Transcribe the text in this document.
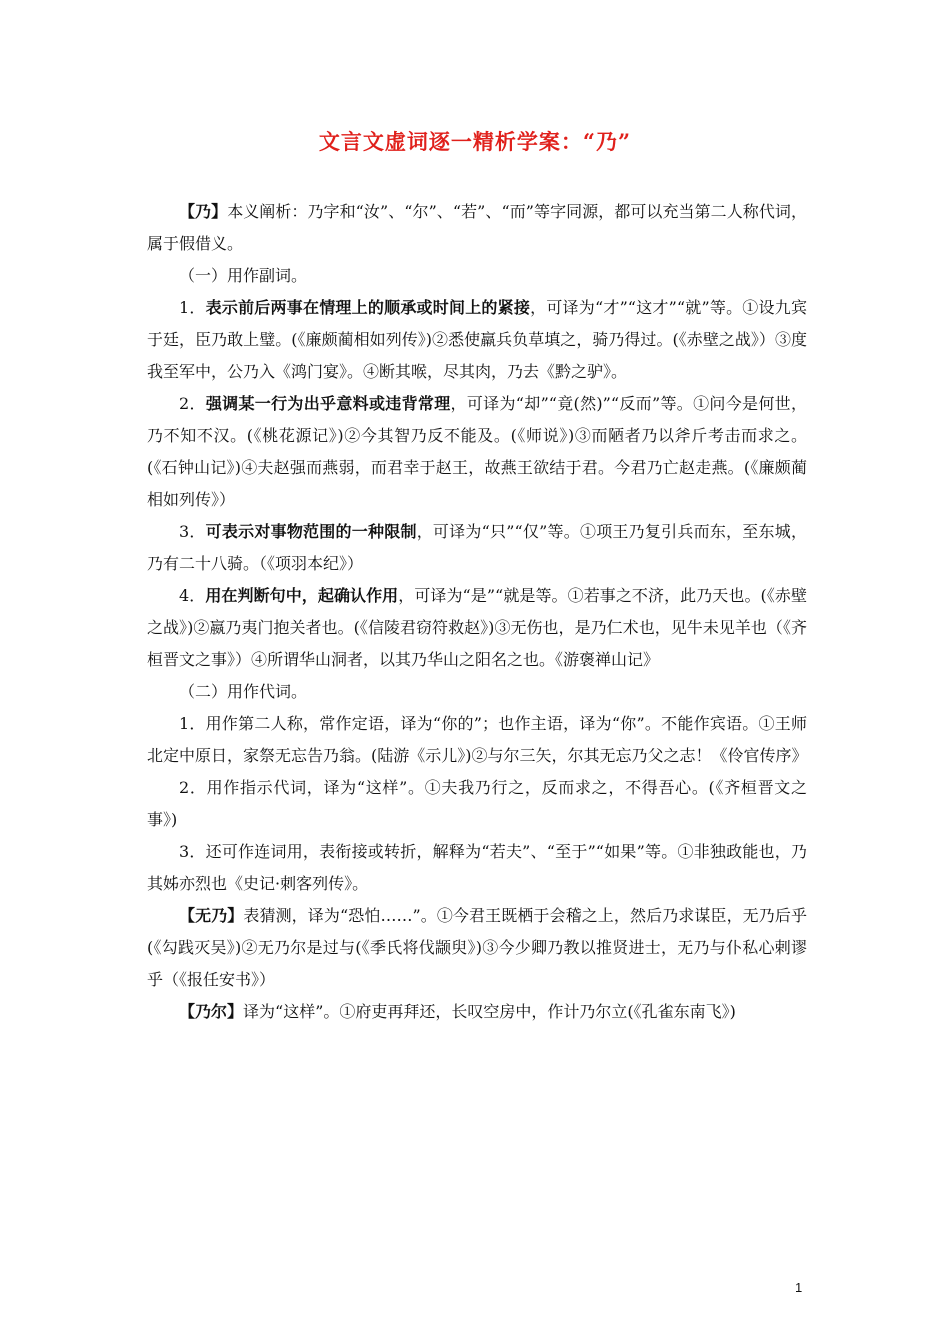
文言文虚词逐一精析学案：“乃”

【乃】本义阐析：乃字和“汝”、“尔”、“若”、“而”等字同源，都可以充当第二人称代词，属于假借义。

（一）用作副词。

1．表示前后两事在情理上的顺承或时间上的紧接，可译为“才”“这才”“就”等。①设九宾于廷，臣乃敢上璧。(《廉颇蔺相如列传》)②悉使羸兵负草填之，骑乃得过。(《赤壁之战》）③度我至军中，公乃入《鸿门宴》。④断其喉，尽其肉，乃去《黔之驴》。

2．强调某一行为出乎意料或违背常理，可译为“却”“竟(然)”“反而”等。①问今是何世，乃不知不汉。(《桃花源记》)②今其智乃反不能及。(《师说》)③而陋者乃以斧斤考击而求之。(《石钟山记》)④夫赵强而燕弱，而君幸于赵王，故燕王欲结于君。今君乃亡赵走燕。(《廉颇蔺相如列传》）

3．可表示对事物范围的一种限制，可译为“只”“仅”等。①项王乃复引兵而东，至东城，乃有二十八骑。（《项羽本纪》）

4．用在判断句中，起确认作用，可译为“是”“就是等。①若事之不济，此乃天也。(《赤壁之战》)②嬴乃夷门抱关者也。(《信陵君窃符救赵》)③无伤也，是乃仁术也，见牛未见羊也（《齐桓晋文之事》）④所谓华山洞者，以其乃华山之阳名之也。《游褒禅山记》

（二）用作代词。

1．用作第二人称，常作定语，译为“你的”；也作主语，译为“你”。不能作宾语。①王师北定中原日，家祭无忘告乃翁。(陆游《示儿》)②与尔三矢，尔其无忘乃父之志！《伶官传序》

2．用作指示代词，译为“这样”。①夫我乃行之，反而求之，不得吾心。(《齐桓晋文之事》)

3．还可作连词用，表衔接或转折，解释为“若夫”、“至于”“如果”等。①非独政能也，乃其姊亦烈也《史记·刺客列传》。

【无乃】表猜测，译为“恐怕……”。①今君王既栖于会稽之上，然后乃求谋臣，无乃后乎(《勾践灭吴》)②无乃尔是过与(《季氏将伐颛臾》)③今少卿乃教以推贤进士，无乃与仆私心剌谬乎（《报任安书》）

【乃尔】译为“这样”。①府吏再拜还，长叹空房中，作计乃尔立(《孔雀东南飞》)

1
